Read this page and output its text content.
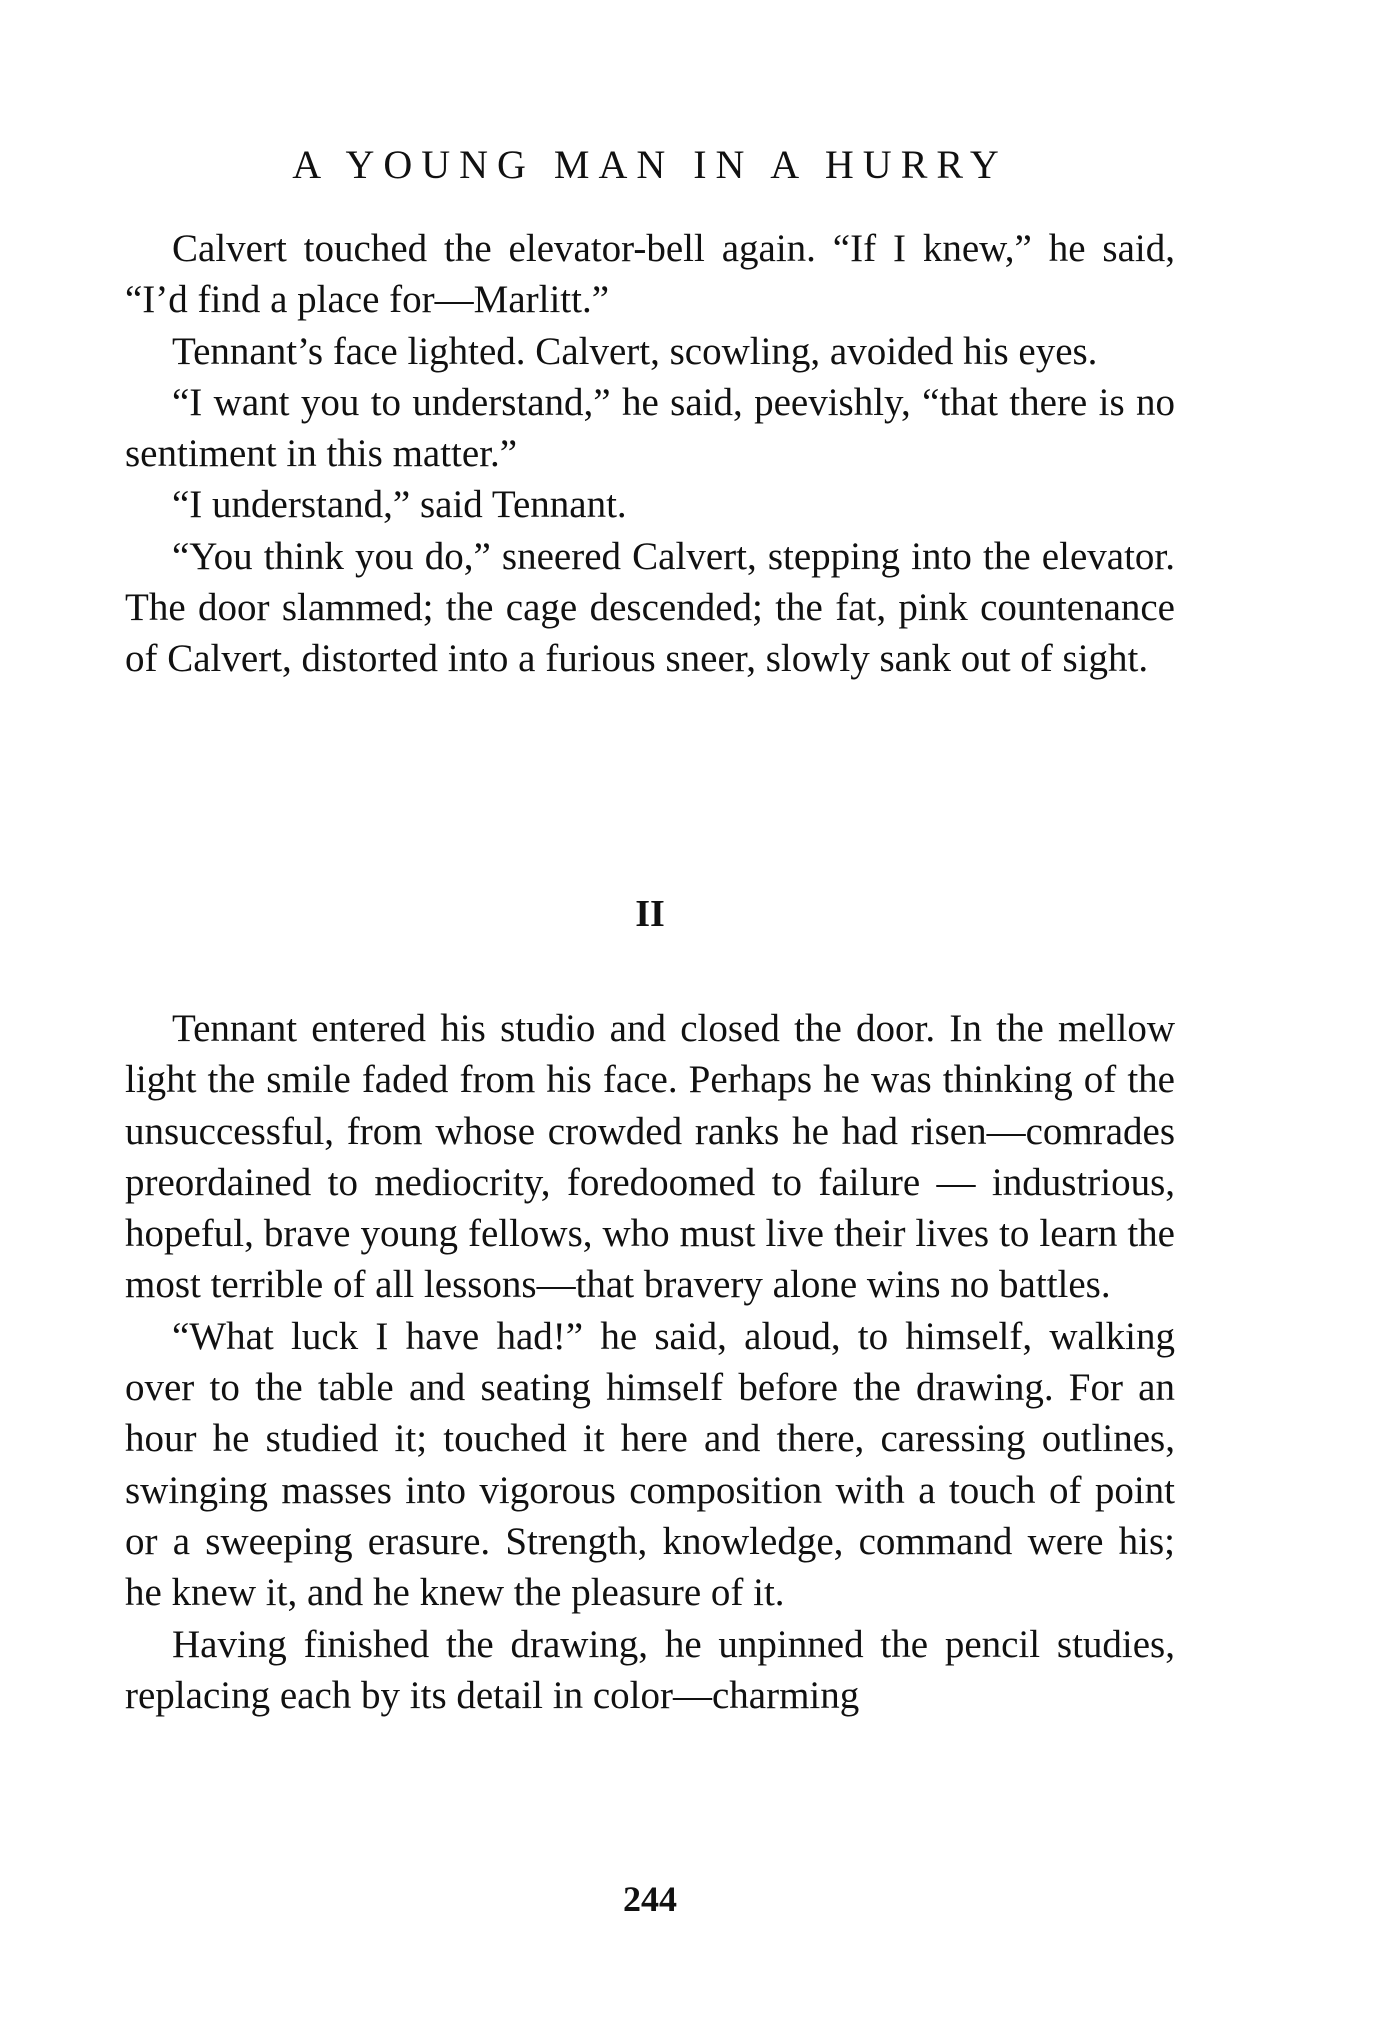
A YOUNG MAN IN A HURRY

Calvert touched the elevator-bell again. “If I knew,” he said, “I’d find a place for—Marlitt.”

Tennant’s face lighted. Calvert, scowling, avoided his eyes.

“I want you to understand,” he said, peevishly, “that there is no sentiment in this matter.”

“I understand,” said Tennant.

“You think you do,” sneered Calvert, stepping into the elevator. The door slammed; the cage descended; the fat, pink countenance of Calvert, distorted into a furious sneer, slowly sank out of sight.

II

Tennant entered his studio and closed the door. In the mellow light the smile faded from his face. Perhaps he was thinking of the unsuccessful, from whose crowded ranks he had risen—comrades preordained to mediocrity, foredoomed to failure — industrious, hopeful, brave young fellows, who must live their lives to learn the most terrible of all lessons—that bravery alone wins no battles.

“What luck I have had!” he said, aloud, to himself, walking over to the table and seating himself before the drawing. For an hour he studied it; touched it here and there, caressing outlines, swinging masses into vigorous composition with a touch of point or a sweeping erasure. Strength, knowledge, command were his; he knew it, and he knew the pleasure of it.

Having finished the drawing, he unpinned the pencil studies, replacing each by its detail in color—charming

244
